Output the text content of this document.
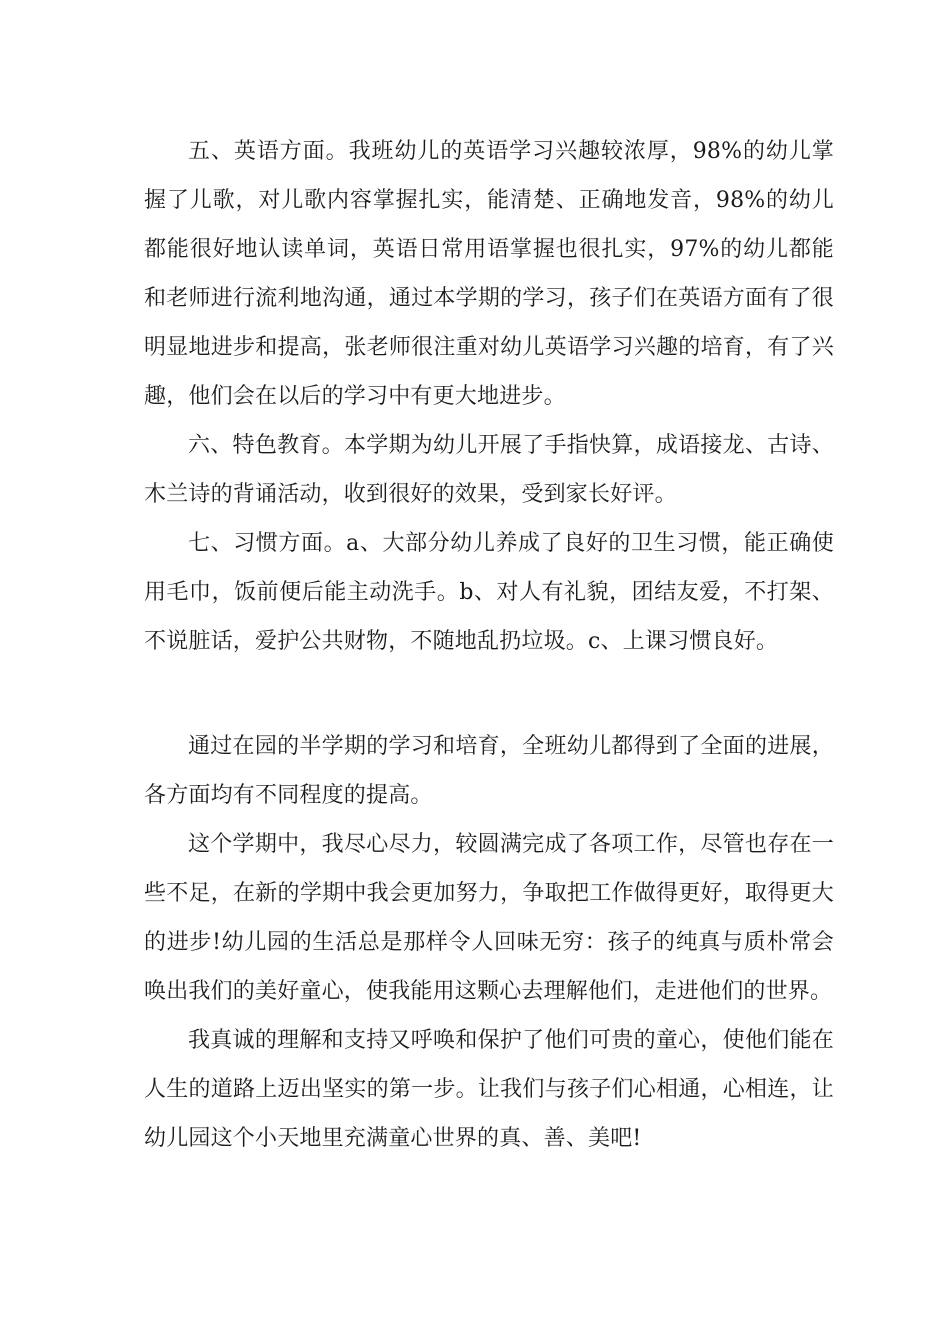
五、英语方面。我班幼儿的英语学习兴趣较浓厚，98%的幼儿掌握了儿歌，对儿歌内容掌握扎实，能清楚、正确地发音，98%的幼儿都能很好地认读单词，英语日常用语掌握也很扎实，97%的幼儿都能和老师进行流利地沟通，通过本学期的学习，孩子们在英语方面有了很明显地进步和提高，张老师很注重对幼儿英语学习兴趣的培育，有了兴趣，他们会在以后的学习中有更大地进步。

六、特色教育。本学期为幼儿开展了手指快算，成语接龙、古诗、木兰诗的背诵活动，收到很好的效果，受到家长好评。

七、习惯方面。a、大部分幼儿养成了良好的卫生习惯，能正确使用毛巾，饭前便后能主动洗手。b、对人有礼貌，团结友爱，不打架、不说脏话，爱护公共财物，不随地乱扔垃圾。c、上课习惯良好。

通过在园的半学期的学习和培育，全班幼儿都得到了全面的进展，各方面均有不同程度的提高。

这个学期中，我尽心尽力，较圆满完成了各项工作，尽管也存在一些不足，在新的学期中我会更加努力，争取把工作做得更好，取得更大的进步!幼儿园的生活总是那样令人回味无穷：孩子的纯真与质朴常会唤出我们的美好童心，使我能用这颗心去理解他们，走进他们的世界。

我真诚的理解和支持又呼唤和保护了他们可贵的童心，使他们能在人生的道路上迈出坚实的第一步。让我们与孩子们心相通，心相连，让幼儿园这个小天地里充满童心世界的真、善、美吧!
